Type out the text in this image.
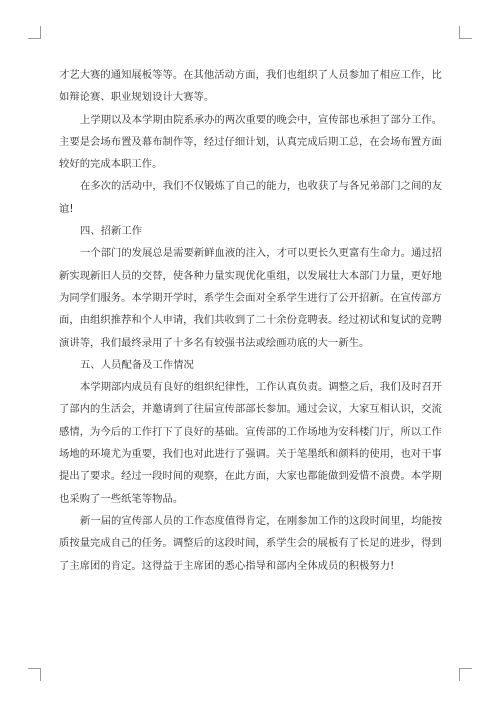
才艺大赛的通知展板等等。在其他活动方面，我们也组织了人员参加了相应工作，比
如辩论赛、职业规划设计大赛等。
上学期以及本学期由院系承办的两次重要的晚会中，宣传部也承担了部分工作。
主要是会场布置及幕布制作等，经过仔细计划，认真完成后期工总，在会场布置方面
较好的完成本职工作。
在多次的活动中，我们不仅锻炼了自己的能力，也收获了与各兄弟部门之间的友
谊!
四、招新工作
一个部门的发展总是需要新鲜血液的注入，才可以更长久更富有生命力。通过招
新实现新旧人员的交替，使各种力量实现优化重组，以发展壮大本部门力量，更好地
为同学们服务。本学期开学时，系学生会面对全系学生进行了公开招新。在宣传部方
面，由组织推荐和个人申请，我们共收到了二十余份竞聘表。经过初试和复试的竞聘
演讲等，我们最终录用了十多名有较强书法或绘画功底的大一新生。
五、人员配备及工作情况
本学期部内成员有良好的组织纪律性，工作认真负责。调整之后，我们及时召开
了部内的生活会，并邀请到了往届宣传部部长参加。通过会议，大家互相认识，交流
感情，为今后的工作打下了良好的基础。宣传部的工作场地为安科楼门厅，所以工作
场地的环境尤为重要，我们也对此进行了强调。关于笔墨纸和颜料的使用，也对干事
提出了要求。经过一段时间的观察，在此方面，大家也都能做到爱惜不浪费。本学期
也采购了一些纸笔等物品。
新一届的宣传部人员的工作态度值得肯定，在刚参加工作的这段时间里，均能按
质按量完成自己的任务。调整后的这段时间，系学生会的展板有了长足的进步，得到
了主席团的肯定。这得益于主席团的悉心指导和部内全体成员的积极努力!
